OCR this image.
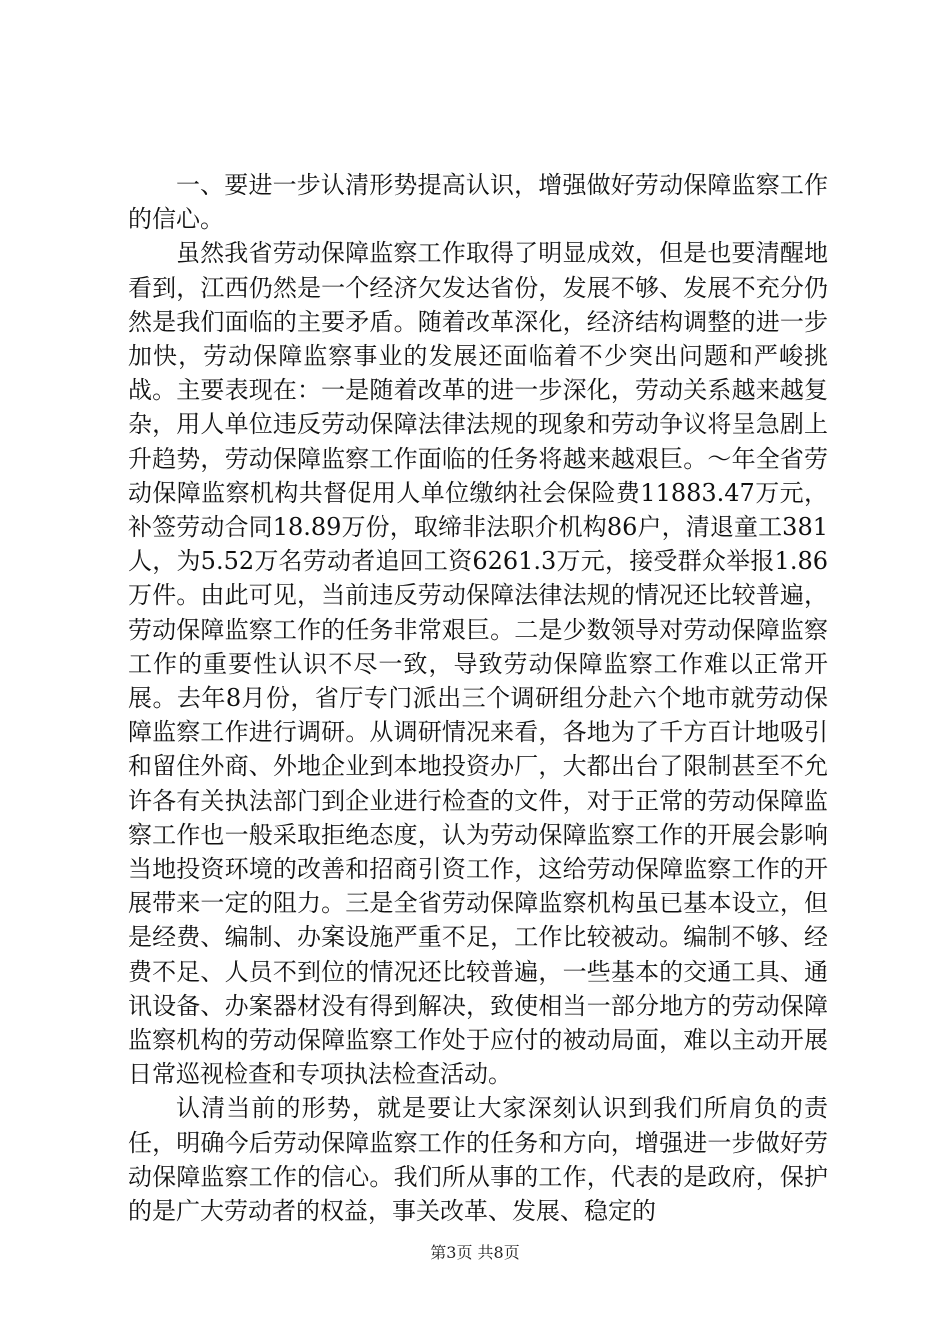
一、要进一步认清形势提高认识，增强做好劳动保障监察工作的信心。

虽然我省劳动保障监察工作取得了明显成效，但是也要清醒地看到，江西仍然是一个经济欠发达省份，发展不够、发展不充分仍然是我们面临的主要矛盾。随着改革深化，经济结构调整的进一步加快，劳动保障监察事业的发展还面临着不少突出问题和严峻挑战。主要表现在：一是随着改革的进一步深化，劳动关系越来越复杂，用人单位违反劳动保障法律法规的现象和劳动争议将呈急剧上升趋势，劳动保障监察工作面临的任务将越来越艰巨。～年全省劳动保障监察机构共督促用人单位缴纳社会保险费11883.47万元，补签劳动合同18.89万份，取缔非法职介机构86户，清退童工381人，为5.52万名劳动者追回工资6261.3万元，接受群众举报1.86万件。由此可见，当前违反劳动保障法律法规的情况还比较普遍，劳动保障监察工作的任务非常艰巨。二是少数领导对劳动保障监察工作的重要性认识不尽一致，导致劳动保障监察工作难以正常开展。去年8月份，省厅专门派出三个调研组分赴六个地市就劳动保障监察工作进行调研。从调研情况来看，各地为了千方百计地吸引和留住外商、外地企业到本地投资办厂，大都出台了限制甚至不允许各有关执法部门到企业进行检查的文件，对于正常的劳动保障监察工作也一般采取拒绝态度，认为劳动保障监察工作的开展会影响当地投资环境的改善和招商引资工作，这给劳动保障监察工作的开展带来一定的阻力。三是全省劳动保障监察机构虽已基本设立，但是经费、编制、办案设施严重不足，工作比较被动。编制不够、经费不足、人员不到位的情况还比较普遍，一些基本的交通工具、通讯设备、办案器材没有得到解决，致使相当一部分地方的劳动保障监察机构的劳动保障监察工作处于应付的被动局面，难以主动开展日常巡视检查和专项执法检查活动。

认清当前的形势，就是要让大家深刻认识到我们所肩负的责任，明确今后劳动保障监察工作的任务和方向，增强进一步做好劳动保障监察工作的信心。我们所从事的工作，代表的是政府，保护的是广大劳动者的权益，事关改革、发展、稳定的

第3页 共8页
